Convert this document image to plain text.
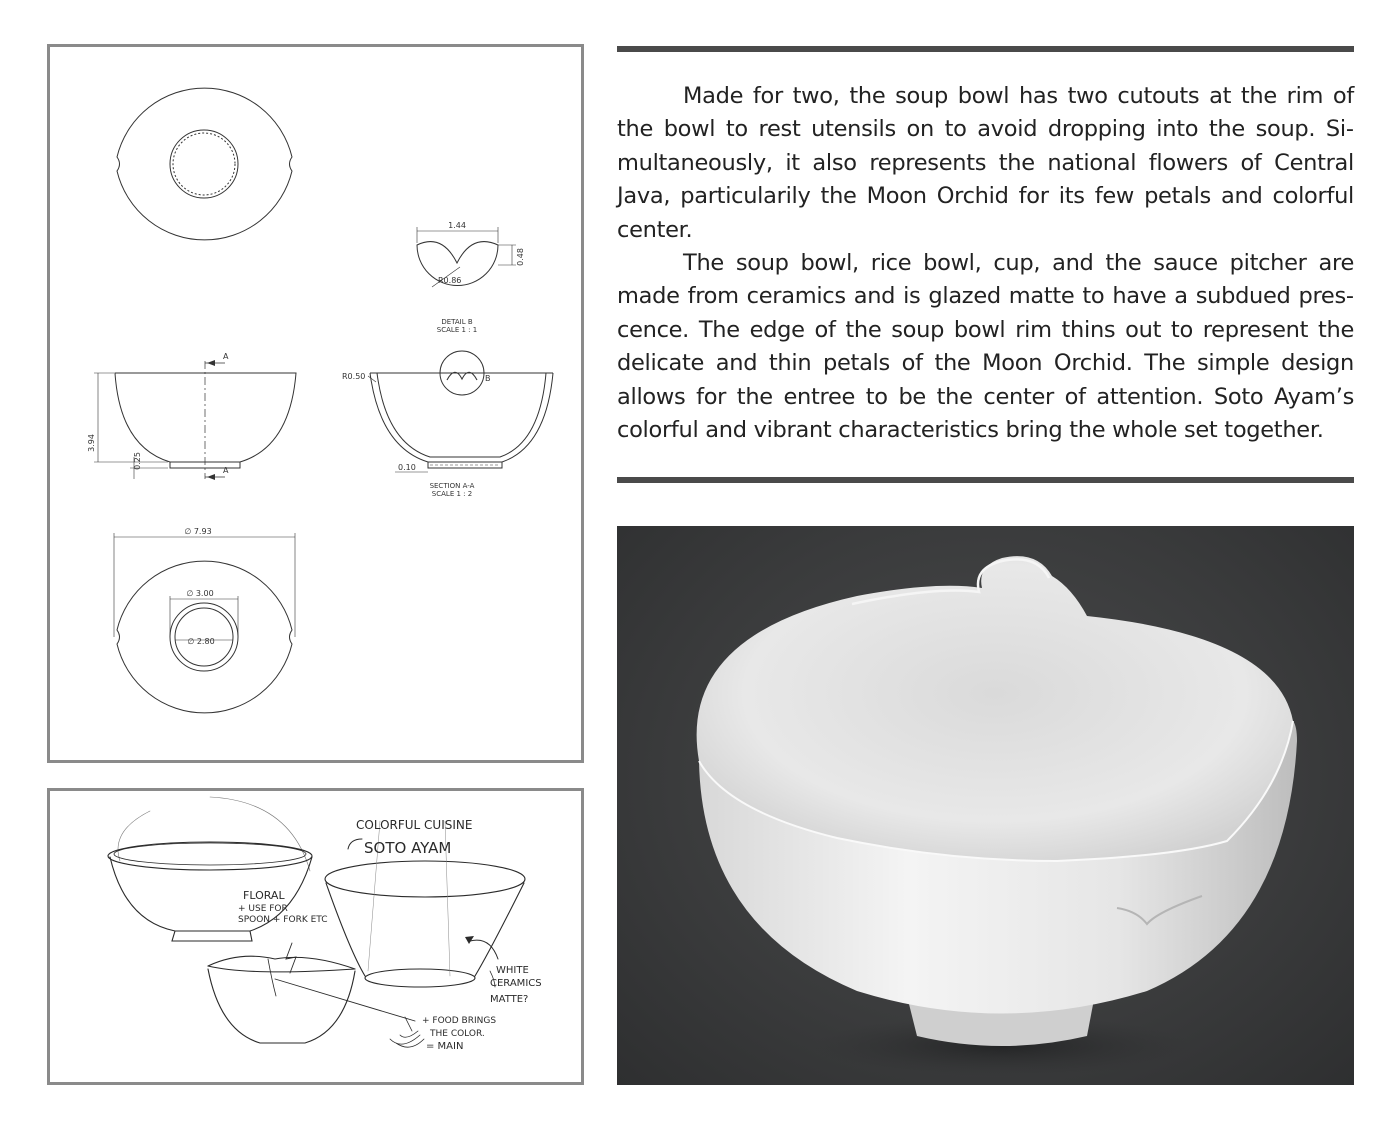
1.44
0.48
R0.86
DETAIL B
SCALE 1 : 1
A
A
3.94
0.25
B
R0.50
0.10
SECTION A-A
SCALE 1 : 2
∅ 7.93
∅ 3.00
∅ 2.80
COLORFUL CUISINE
SOTO AYAM
FLORAL
+ USE FOR
SPOON + FORK ETC
WHITE
CERAMICS
MATTE?
+ FOOD BRINGS
THE COLOR.
= MAIN

Made for two, the soup bowl has two cutouts at the rim of the bowl to rest utensils on to avoid dropping into the soup. Simultaneously, it also represents the national flowers of Central Java, particularily the Moon Orchid for its few petals and colorful center.

The soup bowl, rice bowl, cup, and the sauce pitcher are made from ceramics and is glazed matte to have a subdued prescence. The edge of the soup bowl rim thins out to represent the delicate and thin petals of the Moon Orchid. The simple design allows for the entree to be the center of attention. Soto Ayam’s colorful and vibrant characteristics bring the whole set together.
